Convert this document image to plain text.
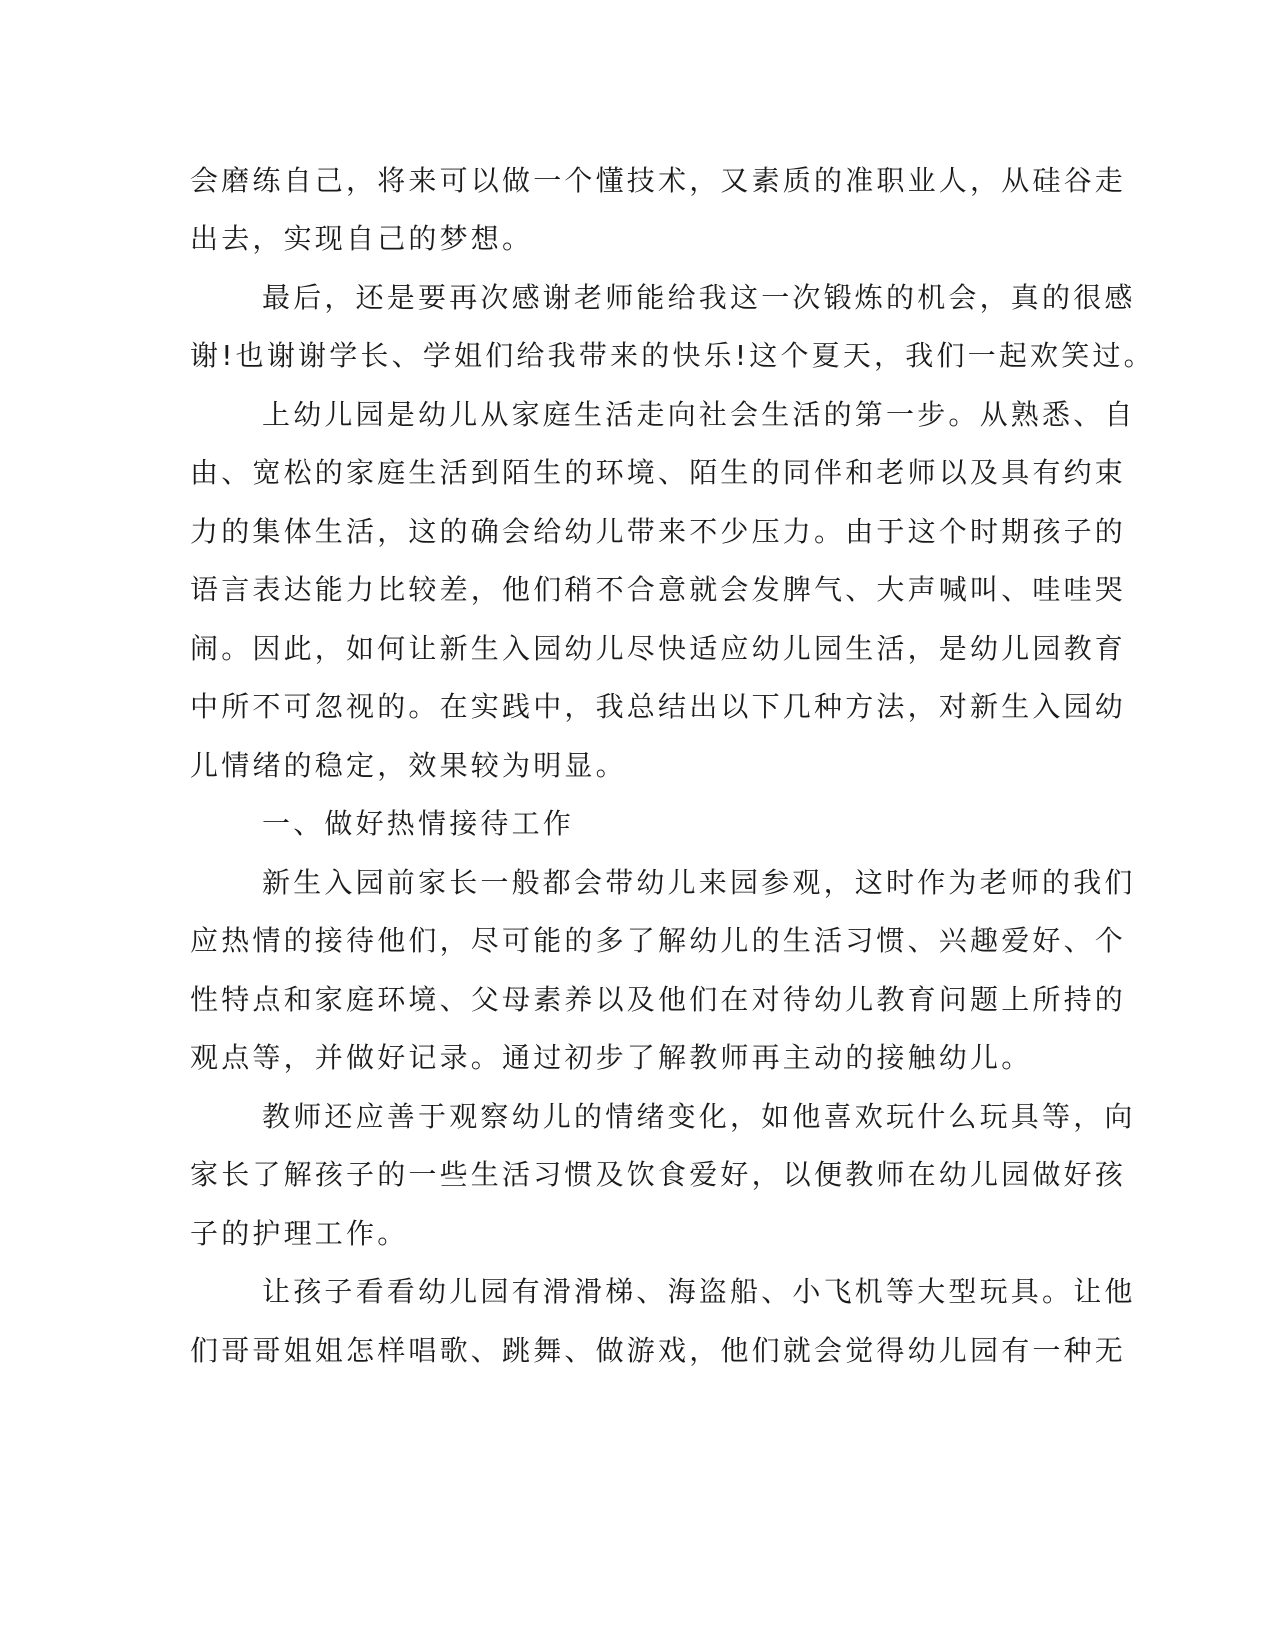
会磨练自己，将来可以做一个懂技术，又素质的准职业人，从硅谷走
出去，实现自己的梦想。
最后，还是要再次感谢老师能给我这一次锻炼的机会，真的很感
谢!也谢谢学长、学姐们给我带来的快乐!这个夏天，我们一起欢笑过。
上幼儿园是幼儿从家庭生活走向社会生活的第一步。从熟悉、自
由、宽松的家庭生活到陌生的环境、陌生的同伴和老师以及具有约束
力的集体生活，这的确会给幼儿带来不少压力。由于这个时期孩子的
语言表达能力比较差，他们稍不合意就会发脾气、大声喊叫、哇哇哭
闹。因此，如何让新生入园幼儿尽快适应幼儿园生活，是幼儿园教育
中所不可忽视的。在实践中，我总结出以下几种方法，对新生入园幼
儿情绪的稳定，效果较为明显。
一、做好热情接待工作
新生入园前家长一般都会带幼儿来园参观，这时作为老师的我们
应热情的接待他们，尽可能的多了解幼儿的生活习惯、兴趣爱好、个
性特点和家庭环境、父母素养以及他们在对待幼儿教育问题上所持的
观点等，并做好记录。通过初步了解教师再主动的接触幼儿。
教师还应善于观察幼儿的情绪变化，如他喜欢玩什么玩具等，向
家长了解孩子的一些生活习惯及饮食爱好，以便教师在幼儿园做好孩
子的护理工作。
让孩子看看幼儿园有滑滑梯、海盗船、小飞机等大型玩具。让他
们哥哥姐姐怎样唱歌、跳舞、做游戏，他们就会觉得幼儿园有一种无
